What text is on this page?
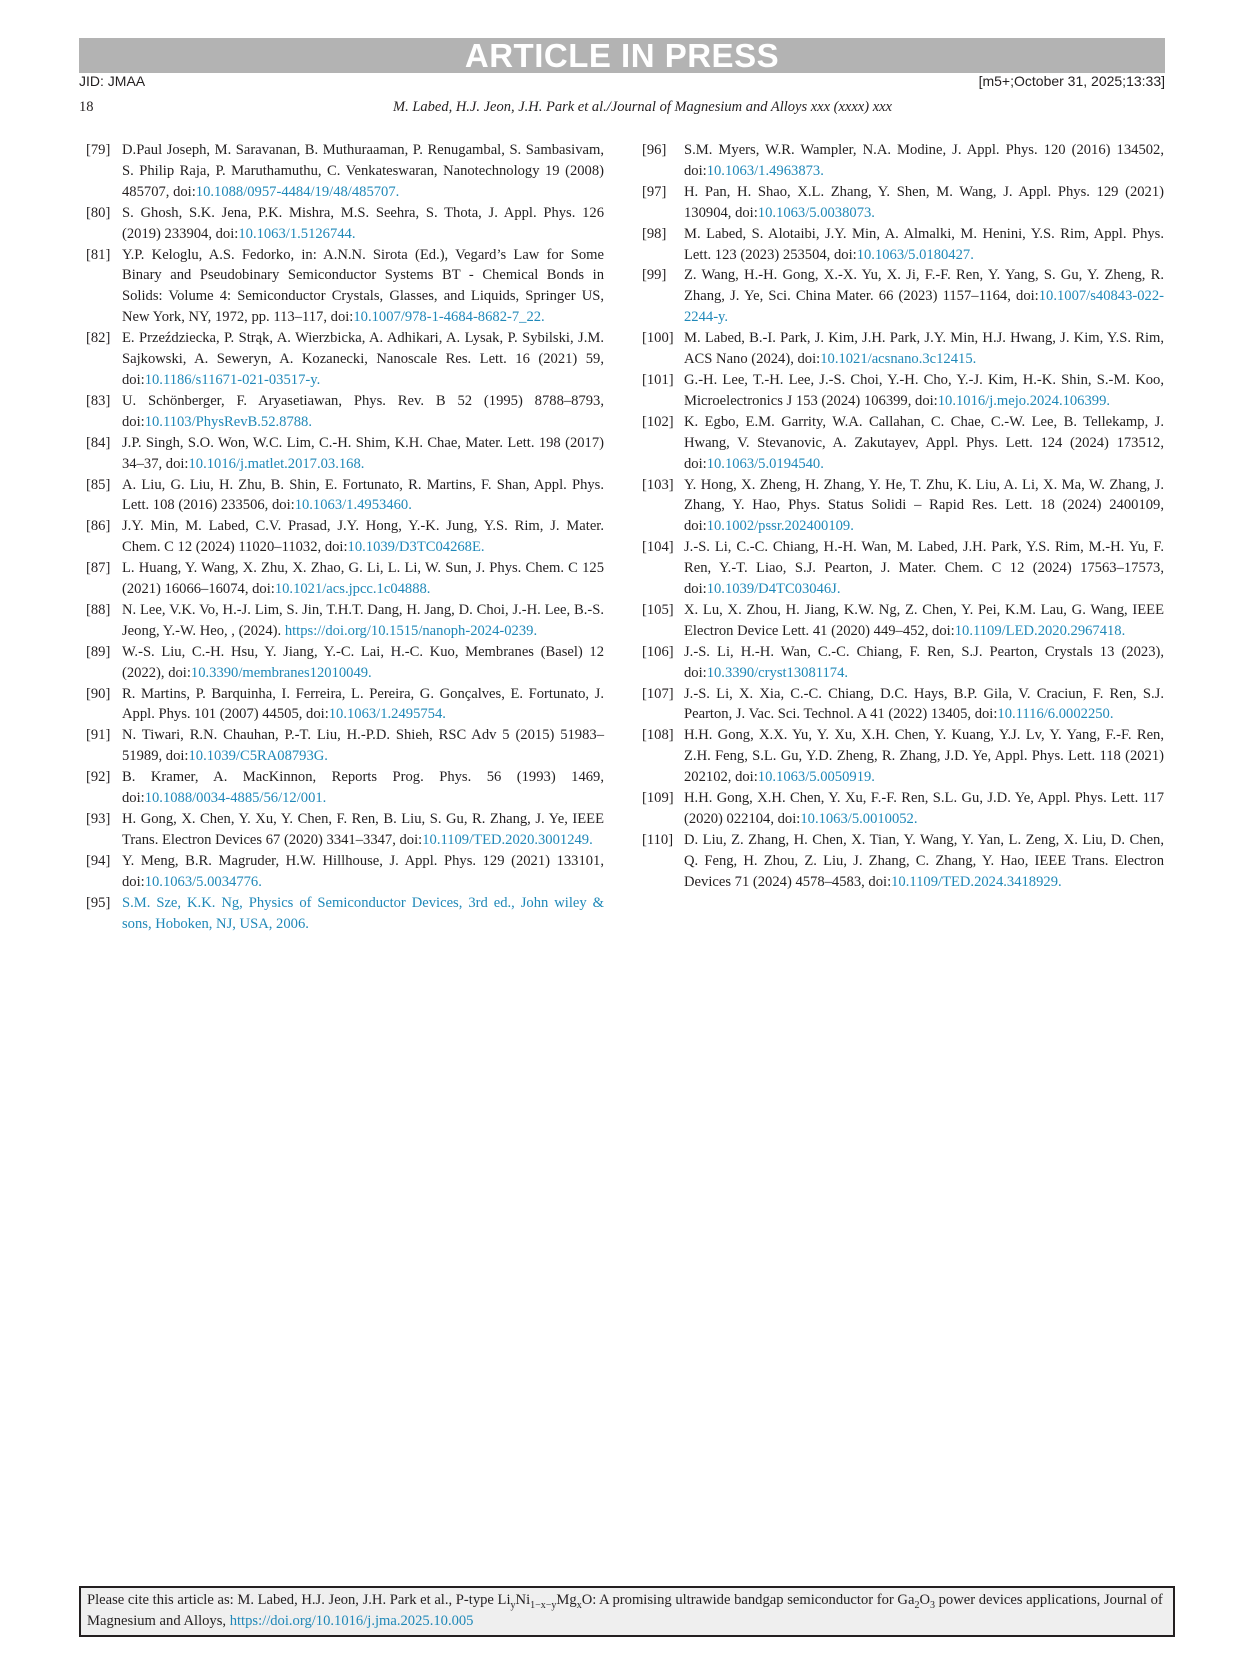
ARTICLE IN PRESS
JID: JMAA	[m5+;October 31, 2025;13:33]
18	M. Labed, H.J. Jeon, J.H. Park et al./Journal of Magnesium and Alloys xxx (xxxx) xxx
[79] D.Paul Joseph, M. Saravanan, B. Muthuraaman, P. Renugambal, S. Sambasivam, S. Philip Raja, P. Maruthamuthu, C. Venkateswaran, Nanotechnology 19 (2008) 485707, doi:10.1088/0957-4484/19/48/485707.
[80] S. Ghosh, S.K. Jena, P.K. Mishra, M.S. Seehra, S. Thota, J. Appl. Phys. 126 (2019) 233904, doi:10.1063/1.5126744.
[81] Y.P. Keloglu, A.S. Fedorko, in: A.N.N. Sirota (Ed.), Vegard’s Law for Some Binary and Pseudobinary Semiconductor Systems BT - Chemical Bonds in Solids: Volume 4: Semiconductor Crystals, Glasses, and Liquids, Springer US, New York, NY, 1972, pp. 113–117, doi:10.1007/978-1-4684-8682-7_22.
[82] E. Przeździecka, P. Strąk, A. Wierzbicka, A. Adhikari, A. Lysak, P. Sybilski, J.M. Sajkowski, A. Seweryn, A. Kozanecki, Nanoscale Res. Lett. 16 (2021) 59, doi:10.1186/s11671-021-03517-y.
[83] U. Schönberger, F. Aryasetiawan, Phys. Rev. B 52 (1995) 8788–8793, doi:10.1103/PhysRevB.52.8788.
[84] J.P. Singh, S.O. Won, W.C. Lim, C.-H. Shim, K.H. Chae, Mater. Lett. 198 (2017) 34–37, doi:10.1016/j.matlet.2017.03.168.
[85] A. Liu, G. Liu, H. Zhu, B. Shin, E. Fortunato, R. Martins, F. Shan, Appl. Phys. Lett. 108 (2016) 233506, doi:10.1063/1.4953460.
[86] J.Y. Min, M. Labed, C.V. Prasad, J.Y. Hong, Y.-K. Jung, Y.S. Rim, J. Mater. Chem. C 12 (2024) 11020–11032, doi:10.1039/D3TC04268E.
[87] L. Huang, Y. Wang, X. Zhu, X. Zhao, G. Li, L. Li, W. Sun, J. Phys. Chem. C 125 (2021) 16066–16074, doi:10.1021/acs.jpcc.1c04888.
[88] N. Lee, V.K. Vo, H.-J. Lim, S. Jin, T.H.T. Dang, H. Jang, D. Choi, J.-H. Lee, B.-S. Jeong, Y.-W. Heo, , (2024). https://doi.org/10.1515/nanoph-2024-0239.
[89] W.-S. Liu, C.-H. Hsu, Y. Jiang, Y.-C. Lai, H.-C. Kuo, Membranes (Basel) 12 (2022), doi:10.3390/membranes12010049.
[90] R. Martins, P. Barquinha, I. Ferreira, L. Pereira, G. Gonçalves, E. Fortunato, J. Appl. Phys. 101 (2007) 44505, doi:10.1063/1.2495754.
[91] N. Tiwari, R.N. Chauhan, P.-T. Liu, H.-P.D. Shieh, RSC Adv 5 (2015) 51983–51989, doi:10.1039/C5RA08793G.
[92] B. Kramer, A. MacKinnon, Reports Prog. Phys. 56 (1993) 1469, doi:10.1088/0034-4885/56/12/001.
[93] H. Gong, X. Chen, Y. Xu, Y. Chen, F. Ren, B. Liu, S. Gu, R. Zhang, J. Ye, IEEE Trans. Electron Devices 67 (2020) 3341–3347, doi:10.1109/TED.2020.3001249.
[94] Y. Meng, B.R. Magruder, H.W. Hillhouse, J. Appl. Phys. 129 (2021) 133101, doi:10.1063/5.0034776.
[95] S.M. Sze, K.K. Ng, Physics of Semiconductor Devices, 3rd ed., John wiley & sons, Hoboken, NJ, USA, 2006.
[96] S.M. Myers, W.R. Wampler, N.A. Modine, J. Appl. Phys. 120 (2016) 134502, doi:10.1063/1.4963873.
[97] H. Pan, H. Shao, X.L. Zhang, Y. Shen, M. Wang, J. Appl. Phys. 129 (2021) 130904, doi:10.1063/5.0038073.
[98] M. Labed, S. Alotaibi, J.Y. Min, A. Almalki, M. Henini, Y.S. Rim, Appl. Phys. Lett. 123 (2023) 253504, doi:10.1063/5.0180427.
[99] Z. Wang, H.-H. Gong, X.-X. Yu, X. Ji, F.-F. Ren, Y. Yang, S. Gu, Y. Zheng, R. Zhang, J. Ye, Sci. China Mater. 66 (2023) 1157–1164, doi:10.1007/s40843-022-2244-y.
[100] M. Labed, B.-I. Park, J. Kim, J.H. Park, J.Y. Min, H.J. Hwang, J. Kim, Y.S. Rim, ACS Nano (2024), doi:10.1021/acsnano.3c12415.
[101] G.-H. Lee, T.-H. Lee, J.-S. Choi, Y.-H. Cho, Y.-J. Kim, H.-K. Shin, S.-M. Koo, Microelectronics J 153 (2024) 106399, doi:10.1016/j.mejo.2024.106399.
[102] K. Egbo, E.M. Garrity, W.A. Callahan, C. Chae, C.-W. Lee, B. Tellekamp, J. Hwang, V. Stevanovic, A. Zakutayev, Appl. Phys. Lett. 124 (2024) 173512, doi:10.1063/5.0194540.
[103] Y. Hong, X. Zheng, H. Zhang, Y. He, T. Zhu, K. Liu, A. Li, X. Ma, W. Zhang, J. Zhang, Y. Hao, Phys. Status Solidi – Rapid Res. Lett. 18 (2024) 2400109, doi:10.1002/pssr.202400109.
[104] J.-S. Li, C.-C. Chiang, H.-H. Wan, M. Labed, J.H. Park, Y.S. Rim, M.-H. Yu, F. Ren, Y.-T. Liao, S.J. Pearton, J. Mater. Chem. C 12 (2024) 17563–17573, doi:10.1039/D4TC03046J.
[105] X. Lu, X. Zhou, H. Jiang, K.W. Ng, Z. Chen, Y. Pei, K.M. Lau, G. Wang, IEEE Electron Device Lett. 41 (2020) 449–452, doi:10.1109/LED.2020.2967418.
[106] J.-S. Li, H.-H. Wan, C.-C. Chiang, F. Ren, S.J. Pearton, Crystals 13 (2023), doi:10.3390/cryst13081174.
[107] J.-S. Li, X. Xia, C.-C. Chiang, D.C. Hays, B.P. Gila, V. Craciun, F. Ren, S.J. Pearton, J. Vac. Sci. Technol. A 41 (2022) 13405, doi:10.1116/6.0002250.
[108] H.H. Gong, X.X. Yu, Y. Xu, X.H. Chen, Y. Kuang, Y.J. Lv, Y. Yang, F.-F. Ren, Z.H. Feng, S.L. Gu, Y.D. Zheng, R. Zhang, J.D. Ye, Appl. Phys. Lett. 118 (2021) 202102, doi:10.1063/5.0050919.
[109] H.H. Gong, X.H. Chen, Y. Xu, F.-F. Ren, S.L. Gu, J.D. Ye, Appl. Phys. Lett. 117 (2020) 022104, doi:10.1063/5.0010052.
[110] D. Liu, Z. Zhang, H. Chen, X. Tian, Y. Wang, Y. Yan, L. Zeng, X. Liu, D. Chen, Q. Feng, H. Zhou, Z. Liu, J. Zhang, C. Zhang, Y. Hao, IEEE Trans. Electron Devices 71 (2024) 4578–4583, doi:10.1109/TED.2024.3418929.
Please cite this article as: M. Labed, H.J. Jeon, J.H. Park et al., P-type $Li_yNi_{1-x-y}Mg_xO$: A promising ultrawide bandgap semiconductor for $Ga_2O_3$ power devices applications, Journal of Magnesium and Alloys, https://doi.org/10.1016/j.jma.2025.10.005
